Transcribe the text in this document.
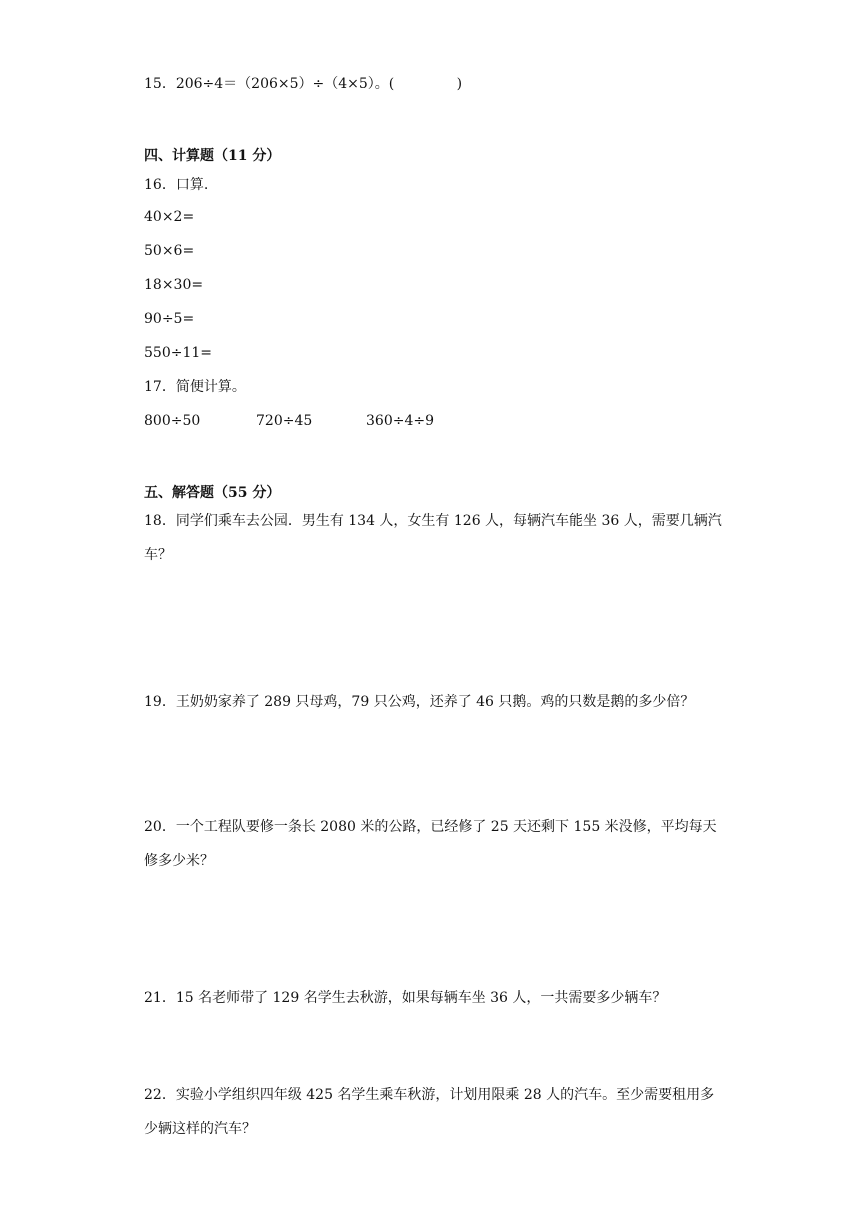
15．206÷4＝（206×5）÷（4×5）。(              )
四、计算题（11 分）
16．口算.
40×2=
50×6=
18×30=
90÷5=
550÷11=
17．简便计算。
800÷50	720÷45	360÷4÷9
五、解答题（55 分）
18．同学们乘车去公园．男生有 134 人，女生有 126 人，每辆汽车能坐 36 人，需要几辆汽车？
19．王奶奶家养了 289 只母鸡，79 只公鸡，还养了 46 只鹅。鸡的只数是鹅的多少倍？
20．一个工程队要修一条长 2080 米的公路，已经修了 25 天还剩下 155 米没修，平均每天修多少米？
21．15 名老师带了 129 名学生去秋游，如果每辆车坐 36 人，一共需要多少辆车？
22．实验小学组织四年级 425 名学生乘车秋游，计划用限乘 28 人的汽车。至少需要租用多少辆这样的汽车？
